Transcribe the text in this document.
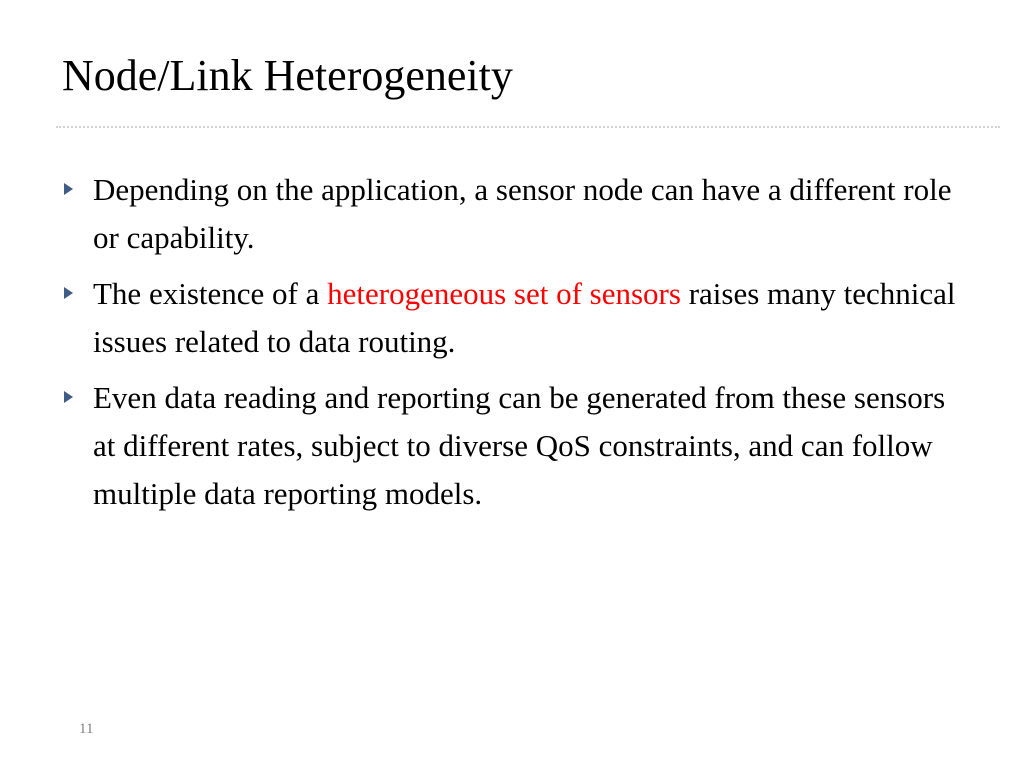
Node/Link Heterogeneity
Depending on the application, a sensor node can have a different role or capability.
The existence of a heterogeneous set of sensors raises many technical issues related to data routing.
Even data reading and reporting can be generated from these sensors at different rates, subject to diverse QoS constraints, and can follow multiple data reporting models.
11
